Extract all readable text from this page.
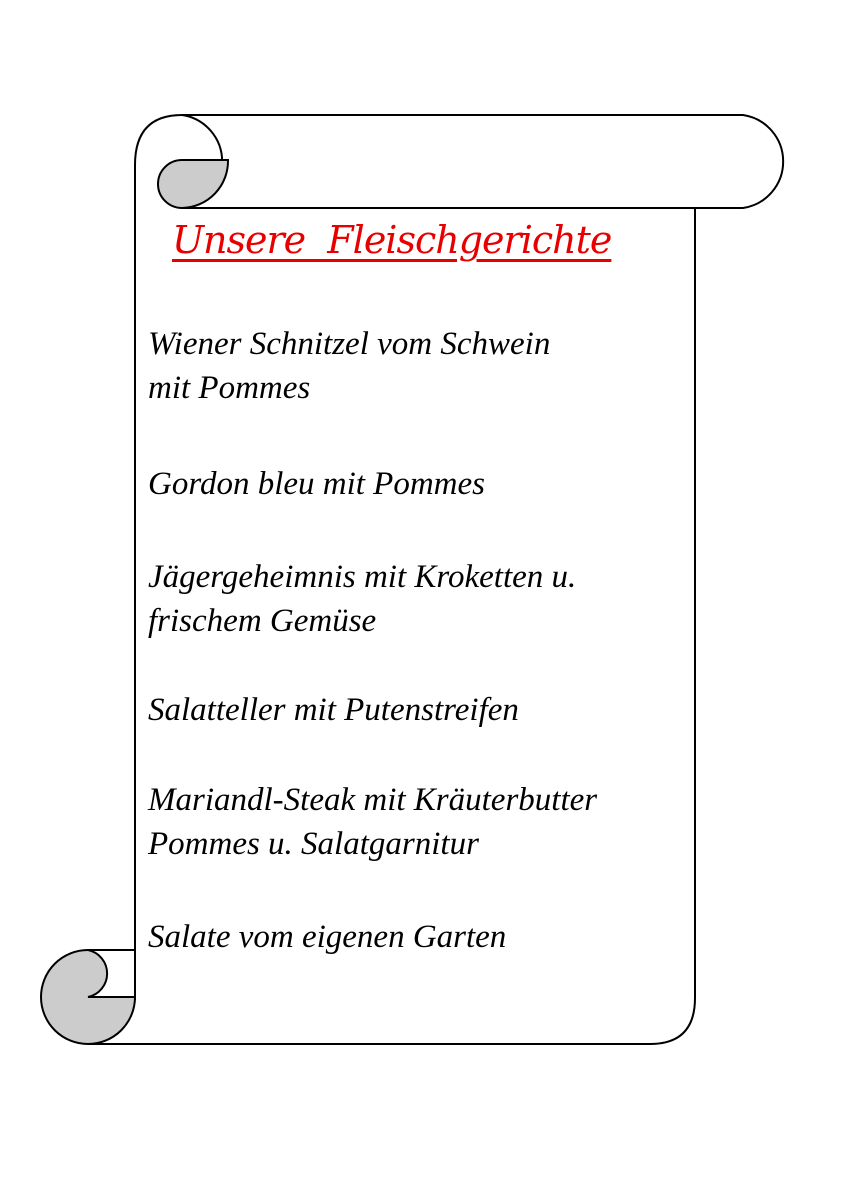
Unsere  Fleischgerichte
Wiener Schnitzel vom Schwein
mit Pommes
Gordon bleu mit Pommes
Jägergeheimnis mit Kroketten u.
frischem Gemüse
Salatteller mit Putenstreifen
Mariandl-Steak mit Kräuterbutter
Pommes u. Salatgarnitur
Salate vom eigenen Garten
